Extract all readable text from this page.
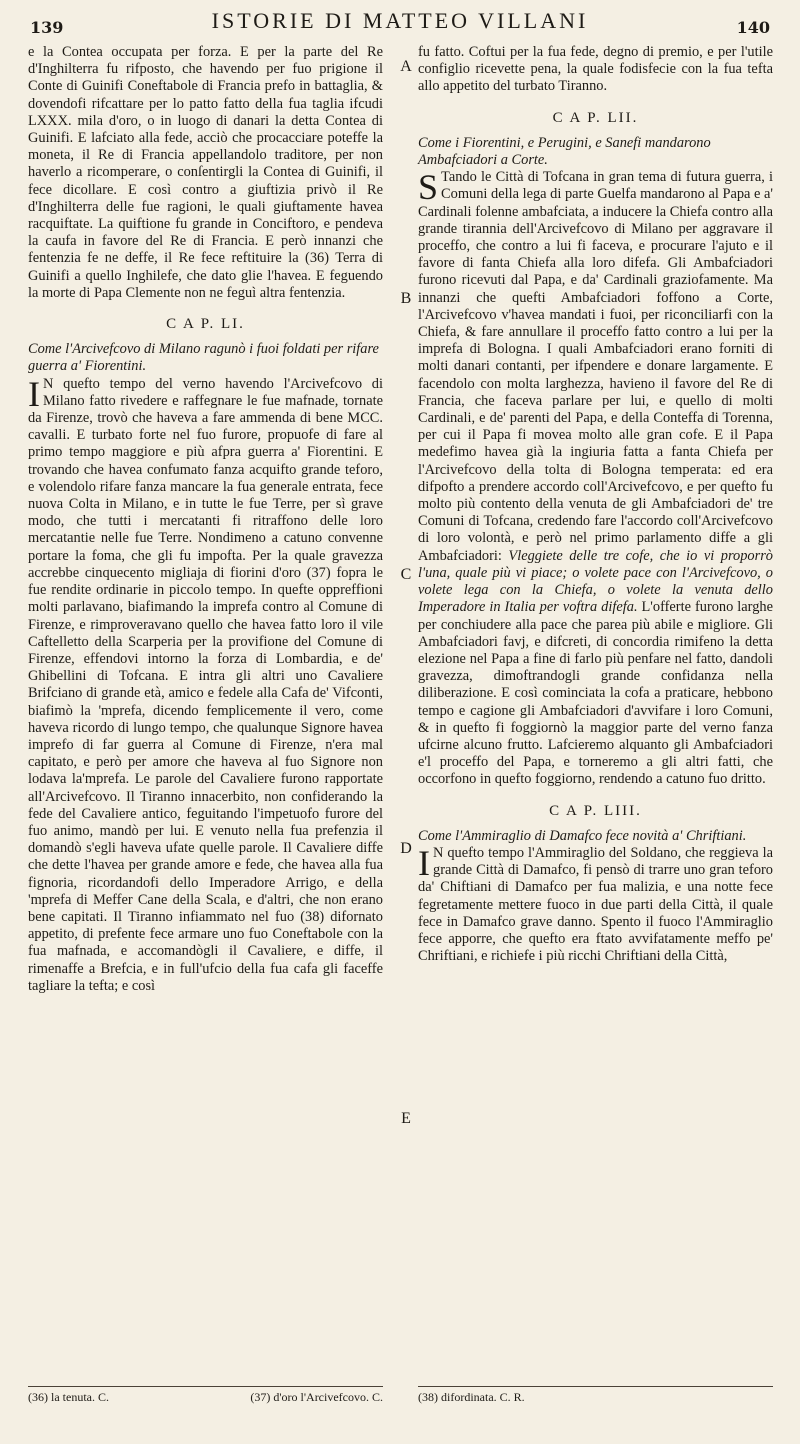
139	ISTORIE DI MATTEO VILLANI	140
A
B
C
D
E

e la Contea occupata per forza. E per la parte del Re d'Inghilterra fu rifposto, che havendo per fuo prigione il Conte di Guinifi Coneftabole di Francia prefo in battaglia, & dovendofi rifcattare per lo patto fatto della fua taglia ifcudi LXXX. mila d'oro, o in luogo di danari la detta Contea di Guinifi. E lafciato alla fede, acciò che procacciare poteffe la moneta, il Re di Francia appellandolo traditore, per non haverlo a ricomperare, o conſentirgli la Contea di Guinifi, il fece dicollare. E così contro a giuftizia privò il Re d'Inghilterra delle fue ragioni, le quali giuftamente havea racquiftate. La quiftione fu grande in Conciftoro, e pendeva la caufa in favore del Re di Francia. E però innanzi che fentenzia fe ne deffe, il Re fece reftituire la (36) Terra di Guinifi a quello Inghilefe, che dato glie l'havea. E feguendo la morte di Papa Clemente non ne feguì altra fentenzia.

C A P. LI.

Come l'Arcivefcovo di Milano ragunò i fuoi foldati per rifare guerra a' Fiorentini.

I N quefto tempo del verno havendo l'Arcivefcovo di Milano fatto rivedere e raffegnare le fue mafnade, tornate da Firenze, trovò che haveva a fare ammenda di bene MCC. cavalli. E turbato forte nel fuo furore, propuofe di fare al primo tempo maggiore e più afpra guerra a' Fiorentini. E trovando che havea confumato fanza acquifto grande teforo, e volendolo rifare fanza mancare la fua generale entrata, fece nuova Colta in Milano, e in tutte le fue Terre, per sì grave modo, che tutti i mercatanti fi ritraffono delle loro mercatantie nelle fue Terre. Nondimeno a catuno convenne portare la foma, che gli fu impofta. Per la quale gravezza accrebbe cinquecento migliaja di fiorini d'oro (37) fopra le fue rendite ordinarie in piccolo tempo. In quefte oppreffioni molti parlavano, biafimando la imprefa contro al Comune di Firenze, e rimproveravano quello che havea fatto loro il vile Caftelletto della Scarperia per la provifione del Comune di Firenze, effendovi intorno la forza di Lombardia, e de' Ghibellini di Tofcana. E intra gli altri uno Cavaliere Brifciano di grande età, amico e fedele alla Cafa de' Vifconti, biafimò la 'mprefa, dicendo femplicemente il vero, come haveva ricordo di lungo tempo, che qualunque Signore havea imprefo di far guerra al Comune di Firenze, n'era mal capitato, e però per amore che haveva al fuo Signore non lodava la'mprefa. Le parole del Cavaliere furono rapportate all'Arcivefcovo. Il Tiranno innacerbito, non confiderando la fede del Cavaliere antico, feguitando l'impetuofo furore del fuo animo, mandò per lui. E venuto nella fua prefenzia il domandò s'egli haveva ufate quelle parole. Il Cavaliere diffe che dette l'havea per grande amore e fede, che havea alla fua fignoria, ricordandofi dello Imperadore Arrigo, e della 'mprefa di Meffer Cane della Scala, e d'altri, che non erano bene capitati. Il Tiranno infiammato nel fuo (38) difornato appetito, di prefente fece armare uno fuo Coneftabole con la fua mafnada, e accomandògli il Cavaliere, e diffe, il rimenaffe a Brefcia, e in full'ufcio della fua cafa gli faceffe tagliare la tefta; e così

fu fatto. Coftui per la fua fede, degno di premio, e per l'utile configlio ricevette pena, la quale fodisfecie con la fua tefta allo appetito del turbato Tiranno.

C A P. LII.

Come i Fiorentini, e Perugini, e Sanefi mandarono Ambafciadori a Corte.

S Tando le Città di Tofcana in gran tema di futura guerra, i Comuni della lega di parte Guelfa mandarono al Papa e a' Cardinali folenne ambafciata, a inducere la Chiefa contro alla grande tirannia dell'Arcivefcovo di Milano per aggravare il proceffo, che contro a lui fi faceva, e procurare l'ajuto e il favore di fanta Chiefa alla loro difefa. Gli Ambafciadori furono ricevuti dal Papa, e da' Cardinali graziofamente. Ma innanzi che quefti Ambafciadori foffono a Corte, l'Arcivefcovo v'havea mandati i fuoi, per riconciliarfi con la Chiefa, & fare annullare il proceffo fatto contro a lui per la imprefa di Bologna. I quali Ambafciadori erano forniti di molti danari contanti, per ifpendere e donare largamente. E facendolo con molta larghezza, havieno il favore del Re di Francia, che faceva parlare per lui, e quello di molti Cardinali, e de' parenti del Papa, e della Conteffa di Torenna, per cui il Papa fi movea molto alle gran cofe. E il Papa medefimo havea già la ingiuria fatta a fanta Chiefa per l'Arcivefcovo della tolta di Bologna temperata: ed era difpofto a prendere accordo coll'Arcivefcovo, e per quefto fu molto più contento della venuta de gli Ambafciadori de' tre Comuni di Tofcana, credendo fare l'accordo coll'Arcivefcovo di loro volontà, e però nel primo parlamento diffe a gli Ambafciadori: Vleggiete delle tre cofe, che io vi proporrò l'una, quale più vi piace; o volete pace con l'Arcivefcovo, o volete lega con la Chiefa, o volete la venuta dello Imperadore in Italia per voftra difefa. L'offerte furono larghe per conchiudere alla pace che parea più abile e migliore. Gli Ambafciadori favj, e difcreti, di concordia rimifeno la detta elezione nel Papa a fine di farlo più penfare nel fatto, dandoli gravezza, dimoftrandogli grande confidanza nella diliberazione. E così cominciata la cofa a praticare, hebbono tempo e cagione gli Ambafciadori d'avvifare i loro Comuni, & in quefto fi foggiornò la maggior parte del verno fanza ufcirne alcuno frutto. Lafcieremo alquanto gli Ambafciadori e'l proceffo del Papa, e torneremo a gli altri fatti, che occorfono in quefto foggiorno, rendendo a catuno fuo dritto.

C A P. LIII.

Come l'Ammiraglio di Damafco fece novità a' Chriftiani.

I N quefto tempo l'Ammiraglio del Soldano, che reggieva la grande Città di Damafco, fi pensò di trarre uno gran teforo da' Chiftiani di Damafco per fua malizia, e una notte fece fegretamente mettere fuoco in due parti della Città, il quale fece in Damafco grave danno. Spento il fuoco l'Ammiraglio fece apporre, che quefto era ftato avvifatamente meffo pe' Chriftiani, e richiefe i più ricchi Chriftiani della Città,

(36) la tenuta. C.	(37) d'oro l'Arcivefcovo. C.	(38) difordinata. C. R.
